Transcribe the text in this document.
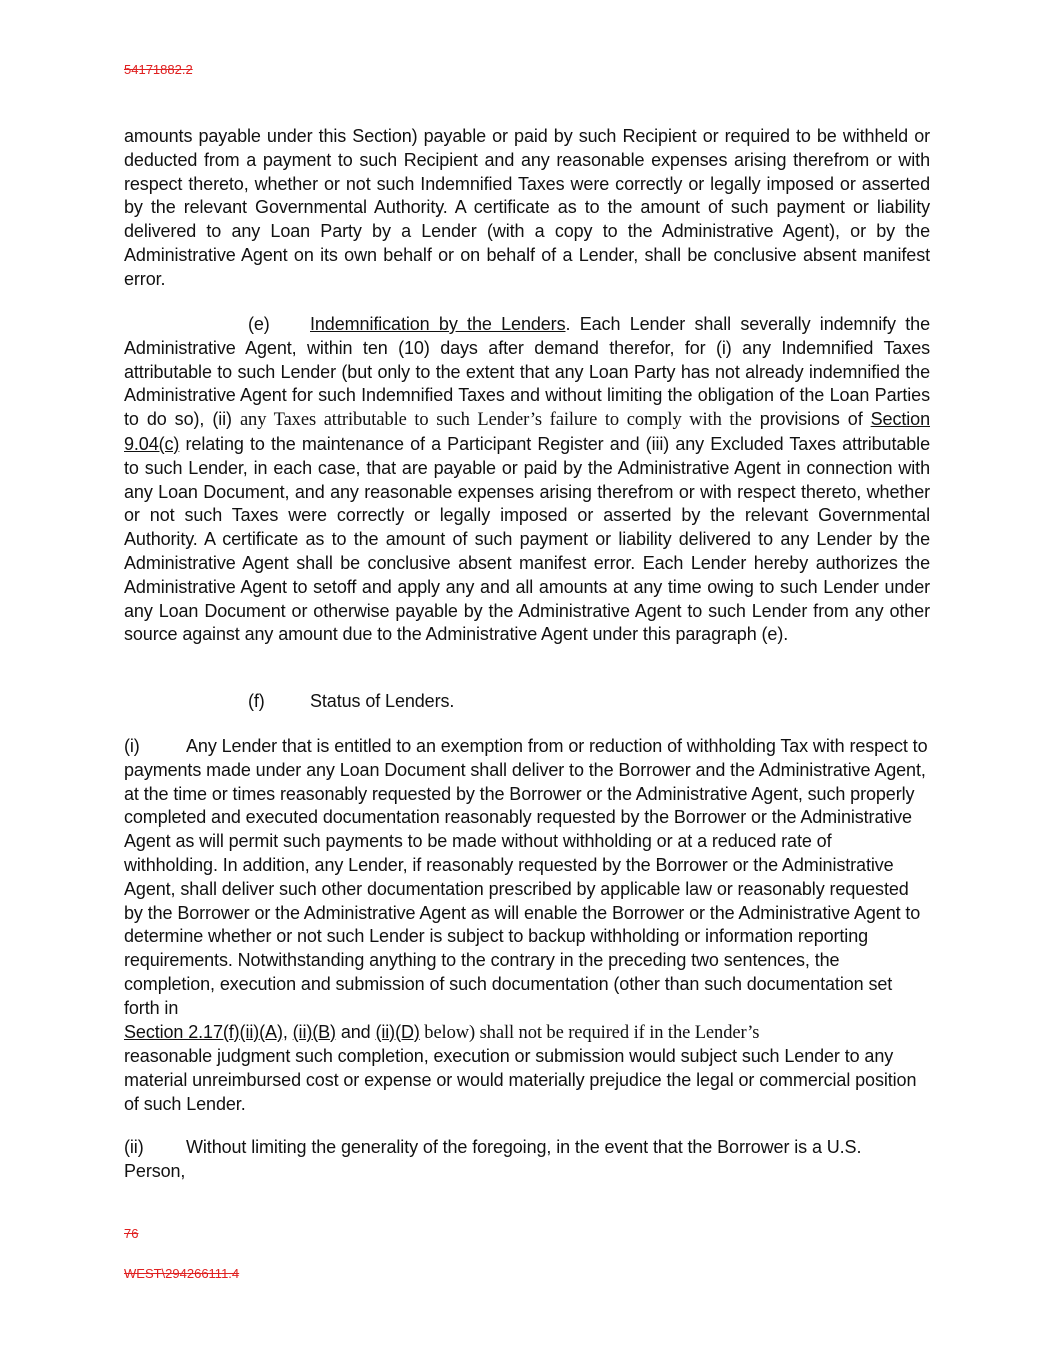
54171882.2
amounts payable under this Section) payable or paid by such Recipient or required to be withheld or deducted from a payment to such Recipient and any reasonable expenses arising therefrom or with respect thereto, whether or not such Indemnified Taxes were correctly or legally imposed or asserted by the relevant Governmental Authority. A certificate as to the amount of such payment or liability delivered to any Loan Party by a Lender (with a copy to the Administrative Agent), or by the Administrative Agent on its own behalf or on behalf of a Lender, shall be conclusive absent manifest error.
(e) Indemnification by the Lenders. Each Lender shall severally indemnify the Administrative Agent, within ten (10) days after demand therefor, for (i) any Indemnified Taxes attributable to such Lender (but only to the extent that any Loan Party has not already indemnified the Administrative Agent for such Indemnified Taxes and without limiting the obligation of the Loan Parties to do so), (ii) any Taxes attributable to such Lender’s failure to comply with the provisions of Section 9.04(c) relating to the maintenance of a Participant Register and (iii) any Excluded Taxes attributable to such Lender, in each case, that are payable or paid by the Administrative Agent in connection with any Loan Document, and any reasonable expenses arising therefrom or with respect thereto, whether or not such Taxes were correctly or legally imposed or asserted by the relevant Governmental Authority. A certificate as to the amount of such payment or liability delivered to any Lender by the Administrative Agent shall be conclusive absent manifest error. Each Lender hereby authorizes the Administrative Agent to setoff and apply any and all amounts at any time owing to such Lender under any Loan Document or otherwise payable by the Administrative Agent to such Lender from any other source against any amount due to the Administrative Agent under this paragraph (e).
(f)	Status of Lenders.
(i)	Any Lender that is entitled to an exemption from or reduction of withholding Tax with respect to payments made under any Loan Document shall deliver to the Borrower and the Administrative Agent, at the time or times reasonably requested by the Borrower or the Administrative Agent, such properly completed and executed documentation reasonably requested by the Borrower or the Administrative Agent as will permit such payments to be made without withholding or at a reduced rate of withholding. In addition, any Lender, if reasonably requested by the Borrower or the Administrative Agent, shall deliver such other documentation prescribed by applicable law or reasonably requested by the Borrower or the Administrative Agent as will enable the Borrower or the Administrative Agent to determine whether or not such Lender is subject to backup withholding or information reporting requirements. Notwithstanding anything to the contrary in the preceding two sentences, the completion, execution and submission of such documentation (other than such documentation set forth in
Section 2.17(f)(ii)(A), (ii)(B) and (ii)(D) below) shall not be required if in the Lender’s
reasonable judgment such completion, execution or submission would subject such Lender to any material unreimbursed cost or expense or would materially prejudice the legal or commercial position of such Lender.
(ii) Without limiting the generality of the foregoing, in the event that the Borrower is a U.S.
Person,
76
WEST\294266111.4
